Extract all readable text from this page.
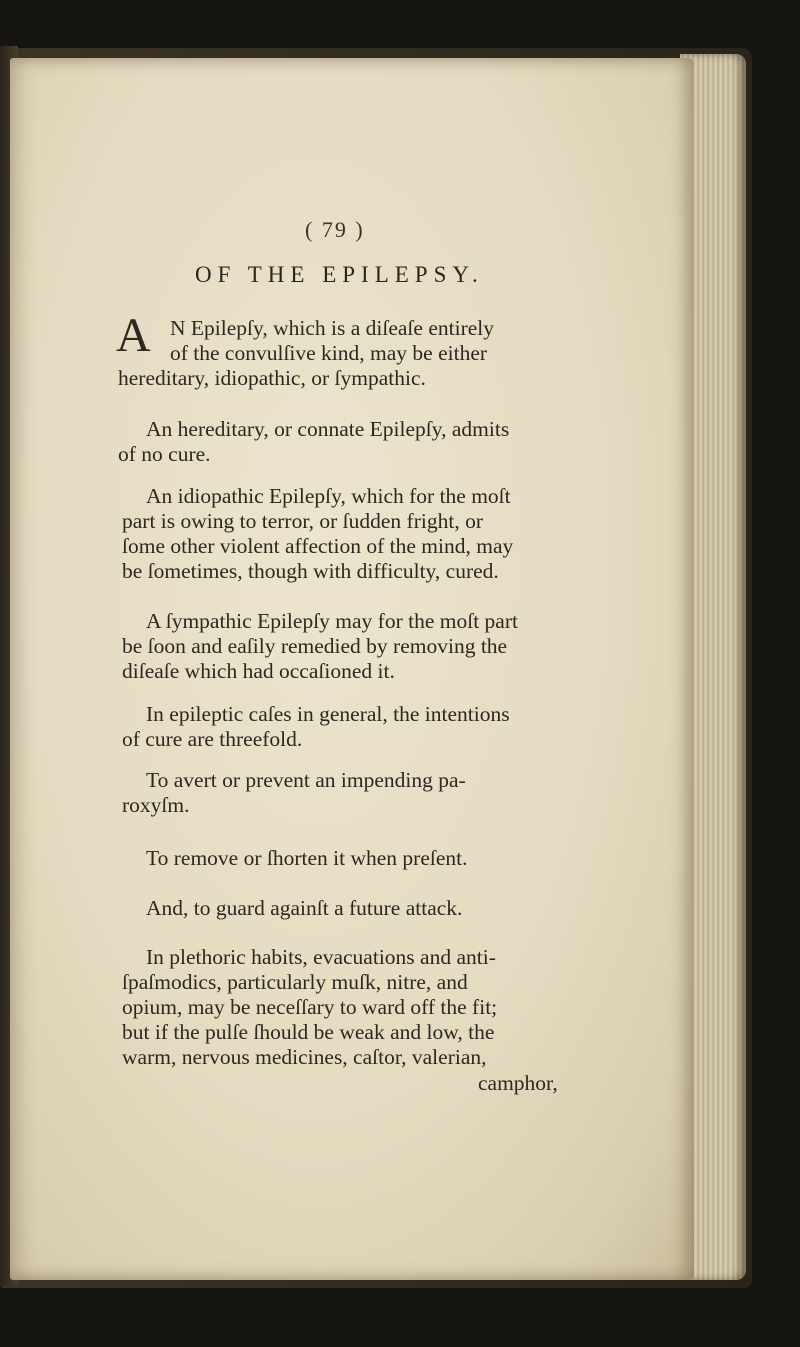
( 79 )
OF THE EPILEPSY.
A N Epilepſy, which is a diſeaſe entirely
of the convulſive kind, may be either
hereditary, idiopathic, or ſympathic.
An hereditary, or connate Epilepſy, admits
of no cure.
An idiopathic Epilepſy, which for the moſt
part is owing to terror, or ſudden fright, or
ſome other violent affection of the mind, may
be ſometimes, though with difficulty, cured.
A ſympathic Epilepſy may for the moſt part
be ſoon and eaſily remedied by removing the
diſeaſe which had occaſioned it.
In epileptic caſes in general, the intentions
of cure are threefold.
To avert or prevent an impending pa-
roxyſm.
To remove or ſhorten it when preſent.
And, to guard againſt a future attack.
In plethoric habits, evacuations and anti-
ſpaſmodics, particularly muſk, nitre, and
opium, may be neceſſary to ward off the fit;
but if the pulſe ſhould be weak and low, the
warm, nervous medicines, caſtor, valerian,
camphor,
